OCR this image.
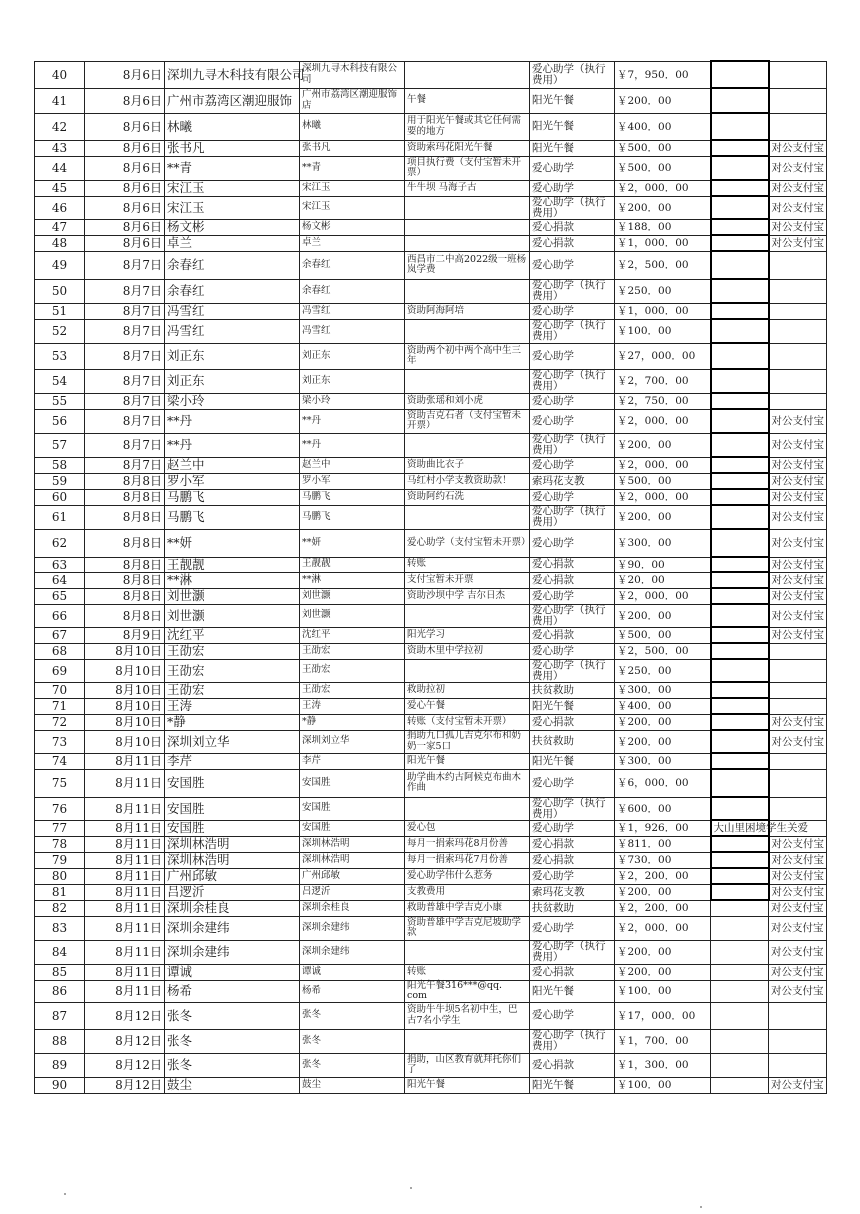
40	8月6日	深圳九寻木科技有限公司	深圳九寻木科技有限公司		爱心助学（执行费用）	￥7，950．00		
41	8月6日	广州市荔湾区潮迎服饰	广州市荔湾区潮迎服饰店	午餐	阳光午餐	￥200．00		
42	8月6日	林曦	林曦	用于阳光午餐或其它任何需要的地方	阳光午餐	￥400．00		
43	8月6日	张书凡	张书凡	资助索玛花阳光午餐	阳光午餐	￥500．00		对公支付宝
44	8月6日	**青	**青	项目执行费（支付宝暂未开票）	爱心助学	￥500．00		对公支付宝
45	8月6日	宋江玉	宋江玉	牛牛坝 马海子古	爱心助学	￥2，000．00		对公支付宝
46	8月6日	宋江玉	宋江玉		爱心助学（执行费用）	￥200．00		对公支付宝
47	8月6日	杨文彬	杨文彬		爱心捐款	￥188．00		对公支付宝
48	8月6日	卓兰	卓兰		爱心捐款	￥1，000．00		对公支付宝
49	8月7日	余春红	余春红	西昌市二中高2022级一班杨岚学费	爱心助学	￥2，500．00		
50	8月7日	余春红	余春红		爱心助学（执行费用）	￥250．00		
51	8月7日	冯雪红	冯雪红	资助阿海阿培	爱心助学	￥1，000．00		
52	8月7日	冯雪红	冯雪红		爱心助学（执行费用）	￥100．00		
53	8月7日	刘正东	刘正东	资助两个初中两个高中生三年	爱心助学	￥27，000．00		
54	8月7日	刘正东	刘正东		爱心助学（执行费用）	￥2，700．00		
55	8月7日	梁小玲	梁小玲	资助张瑶和刘小虎	爱心助学	￥2，750．00		
56	8月7日	**丹	**丹	资助吉克石者（支付宝暂未开票）	爱心助学	￥2，000．00		对公支付宝
57	8月7日	**丹	**丹		爱心助学（执行费用）	￥200．00		对公支付宝
58	8月7日	赵兰中	赵兰中	资助曲比衣子	爱心助学	￥2，000．00		对公支付宝
59	8月8日	罗小军	罗小军	马红村小学支教资助款！	索玛花支教	￥500．00		对公支付宝
60	8月8日	马鹏飞	马鹏飞	资助阿约石洗	爱心助学	￥2，000．00		对公支付宝
61	8月8日	马鹏飞	马鹏飞		爱心助学（执行费用）	￥200．00		对公支付宝
62	8月8日	**妍	**妍	爱心助学（支付宝暂未开票）	爱心助学	￥300．00		对公支付宝
63	8月8日	王靓靓	王靓靓	转账	爱心捐款	￥90．00		对公支付宝
64	8月8日	**淋	**淋	支付宝暂未开票	爱心捐款	￥20．00		对公支付宝
65	8月8日	刘世灏	刘世灏	资助沙坝中学 吉尔日杰	爱心助学	￥2，000．00		对公支付宝
66	8月8日	刘世灏	刘世灏		爱心助学（执行费用）	￥200．00		对公支付宝
67	8月9日	沈红平	沈红平	阳光学习	爱心捐款	￥500．00		对公支付宝
68	8月10日	王劭宏	王劭宏	资助木里中学拉初	爱心助学	￥2，500．00		
69	8月10日	王劭宏	王劭宏		爱心助学（执行费用）	￥250．00		
70	8月10日	王劭宏	王劭宏	救助拉初	扶贫救助	￥300．00		
71	8月10日	王涛	王涛	爱心午餐	阳光午餐	￥400．00		
72	8月10日	*静	*静	转账（支付宝暂未开票）	爱心捐款	￥200．00		对公支付宝
73	8月10日	深圳刘立华	深圳刘立华	捐助九口孤儿吉克尔布和奶奶一家5口	扶贫救助	￥200．00		对公支付宝
74	8月11日	李芹	李芹	阳光午餐	阳光午餐	￥300．00		
75	8月11日	安国胜	安国胜	助学曲木约古阿候克布曲木作曲	爱心助学	￥6，000．00		
76	8月11日	安国胜	安国胜		爱心助学（执行费用）	￥600．00		
77	8月11日	安国胜	安国胜	爱心包	爱心助学	￥1，926．00	大山里困境学生关爱	
78	8月11日	深圳林浩明	深圳林浩明	每月一捐索玛花8月份善	爱心捐款	￥811．00		对公支付宝
79	8月11日	深圳林浩明	深圳林浩明	每月一捐索玛花7月份善	爱心捐款	￥730．00		对公支付宝
80	8月11日	广州邱敏	广州邱敏	爱心助学伟什么惹务	爱心助学	￥2，200．00		对公支付宝
81	8月11日	吕逻沂	吕逻沂	支教费用	索玛花支教	￥200．00		对公支付宝
82	8月11日	深圳余桂良	深圳余桂良	救助普雄中学吉克小康	扶贫救助	￥2，200．00		对公支付宝
83	8月11日	深圳余建纬	深圳余建纬	资助普雄中学吉克尼坡助学款	爱心助学	￥2，000．00		对公支付宝
84	8月11日	深圳余建纬	深圳余建纬		爱心助学（执行费用）	￥200．00		对公支付宝
85	8月11日	谭诚	谭诚	转账	爱心捐款	￥200．00		对公支付宝
86	8月11日	杨希	杨希	阳光午餐316***@qq．com	阳光午餐	￥100．00		对公支付宝
87	8月12日	张冬	张冬	资助牛牛坝5名初中生，巴古7名小学生	爱心助学	￥17，000．00		
88	8月12日	张冬	张冬		爱心助学（执行费用）	￥1，700．00		
89	8月12日	张冬	张冬	捐助，山区教育就拜托你们了	爱心捐款	￥1，300．00		
90	8月12日	鼓尘	鼓尘	阳光午餐	阳光午餐	￥100．00		对公支付宝
